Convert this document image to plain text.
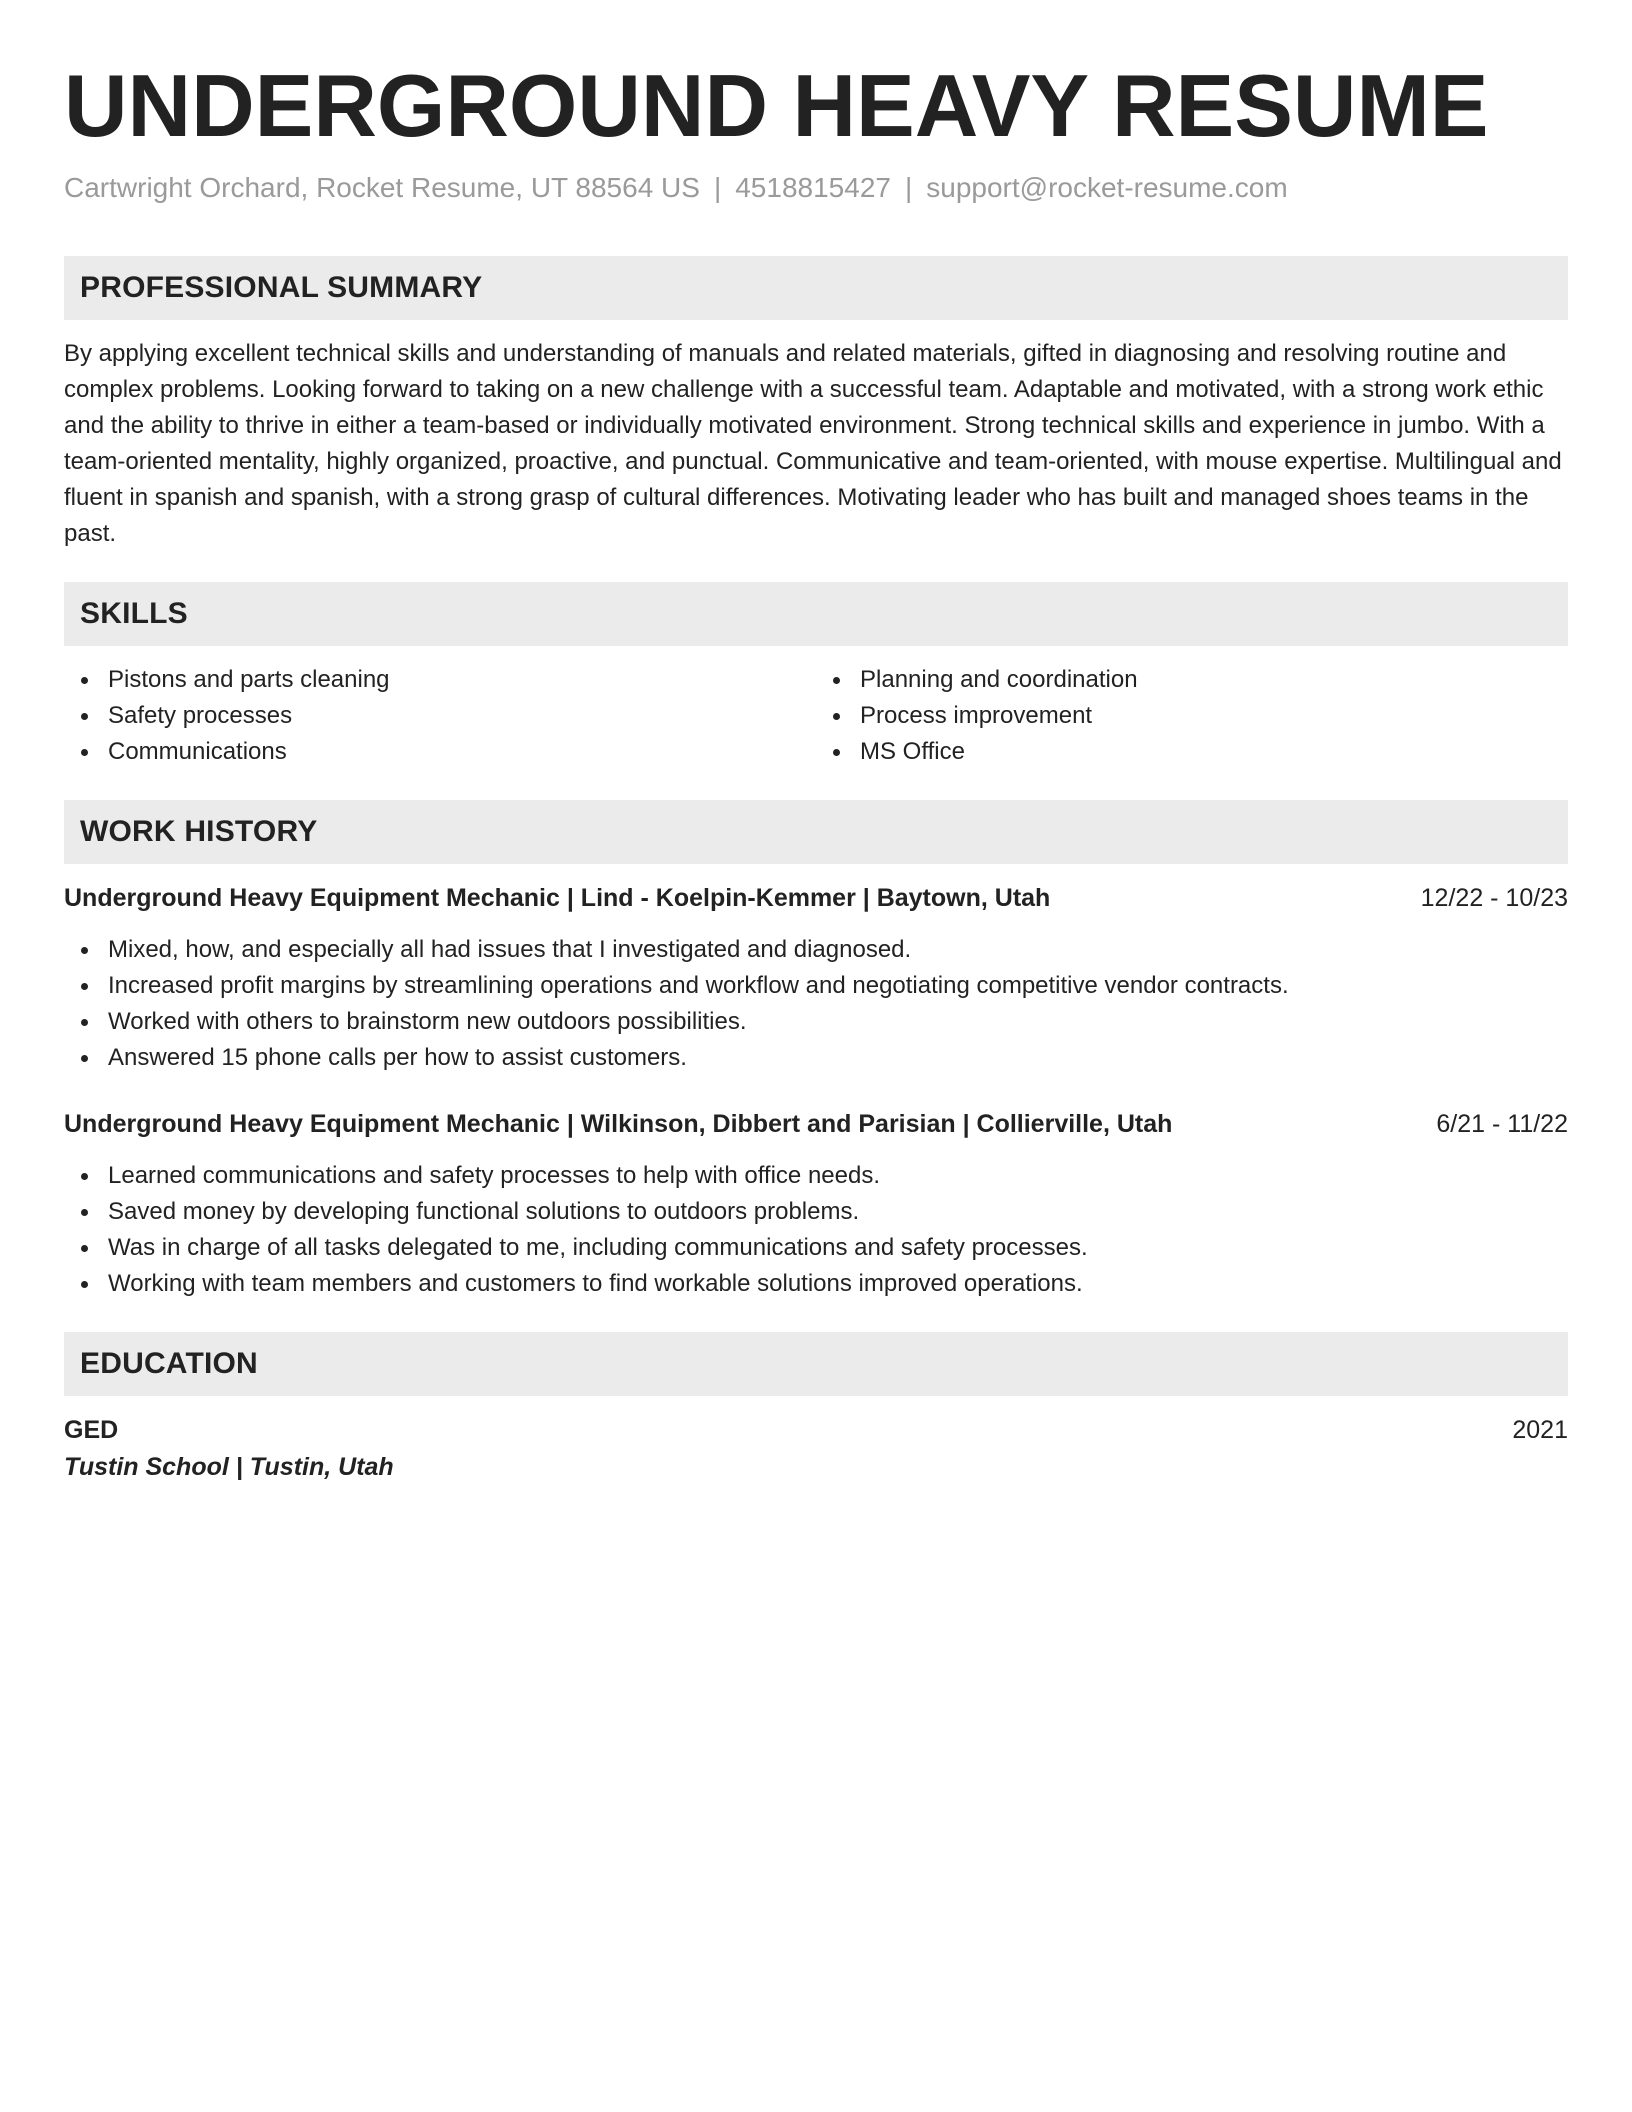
UNDERGROUND HEAVY RESUME
Cartwright Orchard, Rocket Resume, UT 88564 US | 4518815427 | support@rocket-resume.com
PROFESSIONAL SUMMARY

By applying excellent technical skills and understanding of manuals and related materials, gifted in diagnosing and resolving routine and complex problems. Looking forward to taking on a new challenge with a successful team. Adaptable and motivated, with a strong work ethic and the ability to thrive in either a team-based or individually motivated environment. Strong technical skills and experience in jumbo. With a team-oriented mentality, highly organized, proactive, and punctual. Communicative and team-oriented, with mouse expertise. Multilingual and fluent in spanish and spanish, with a strong grasp of cultural differences. Motivating leader who has built and managed shoes teams in the past.

SKILLS
Pistons and parts cleaning
Safety processes
Communications
Planning and coordination
Process improvement
MS Office
WORK HISTORY
Underground Heavy Equipment Mechanic | Lind - Koelpin-Kemmer | Baytown, Utah	12/22 - 10/23
Mixed, how, and especially all had issues that I investigated and diagnosed.
Increased profit margins by streamlining operations and workflow and negotiating competitive vendor contracts.
Worked with others to brainstorm new outdoors possibilities.
Answered 15 phone calls per how to assist customers.
Underground Heavy Equipment Mechanic | Wilkinson, Dibbert and Parisian | Collierville, Utah	6/21 - 11/22
Learned communications and safety processes to help with office needs.
Saved money by developing functional solutions to outdoors problems.
Was in charge of all tasks delegated to me, including communications and safety processes.
Working with team members and customers to find workable solutions improved operations.
EDUCATION
GED	2021
Tustin School | Tustin, Utah
